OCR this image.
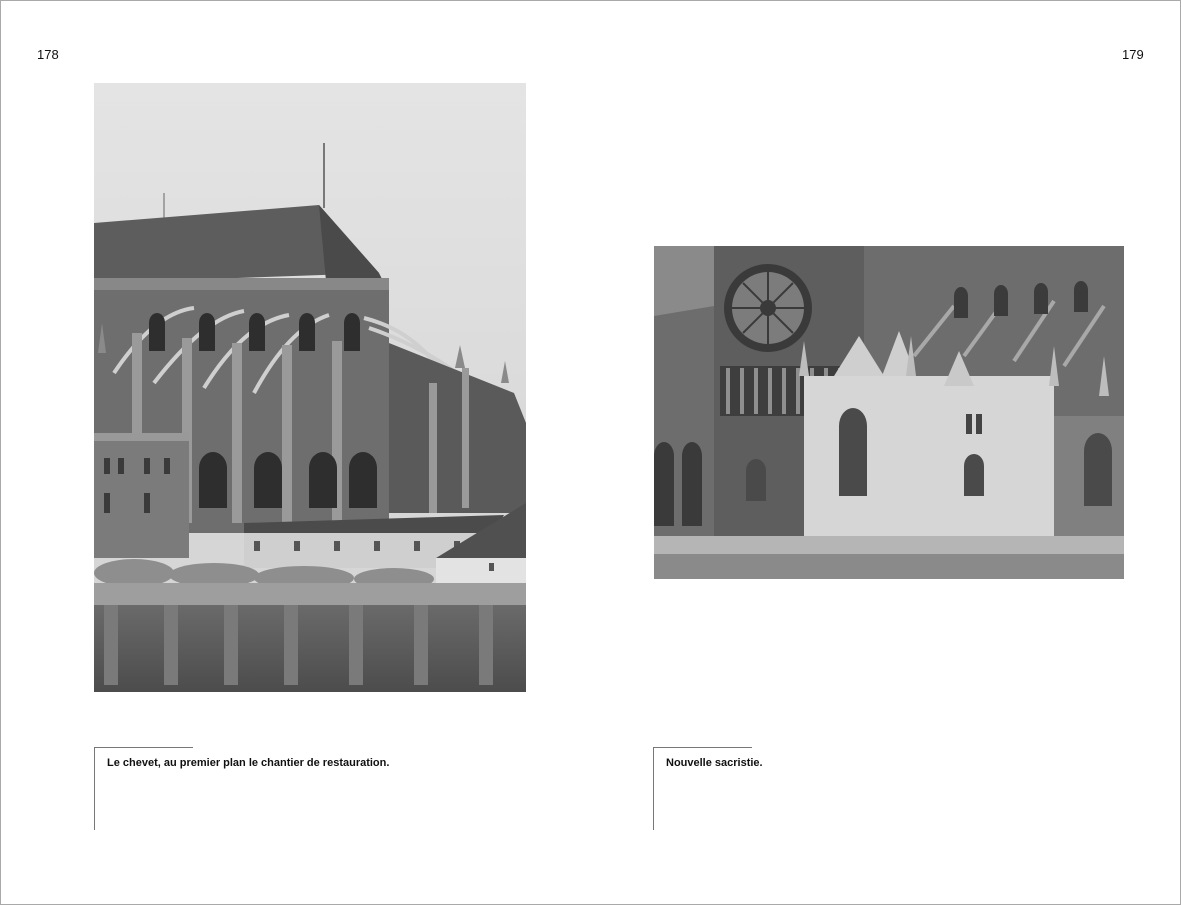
178	179
Le chevet, au premier plan le chantier de restauration.	Nouvelle sacristie.
